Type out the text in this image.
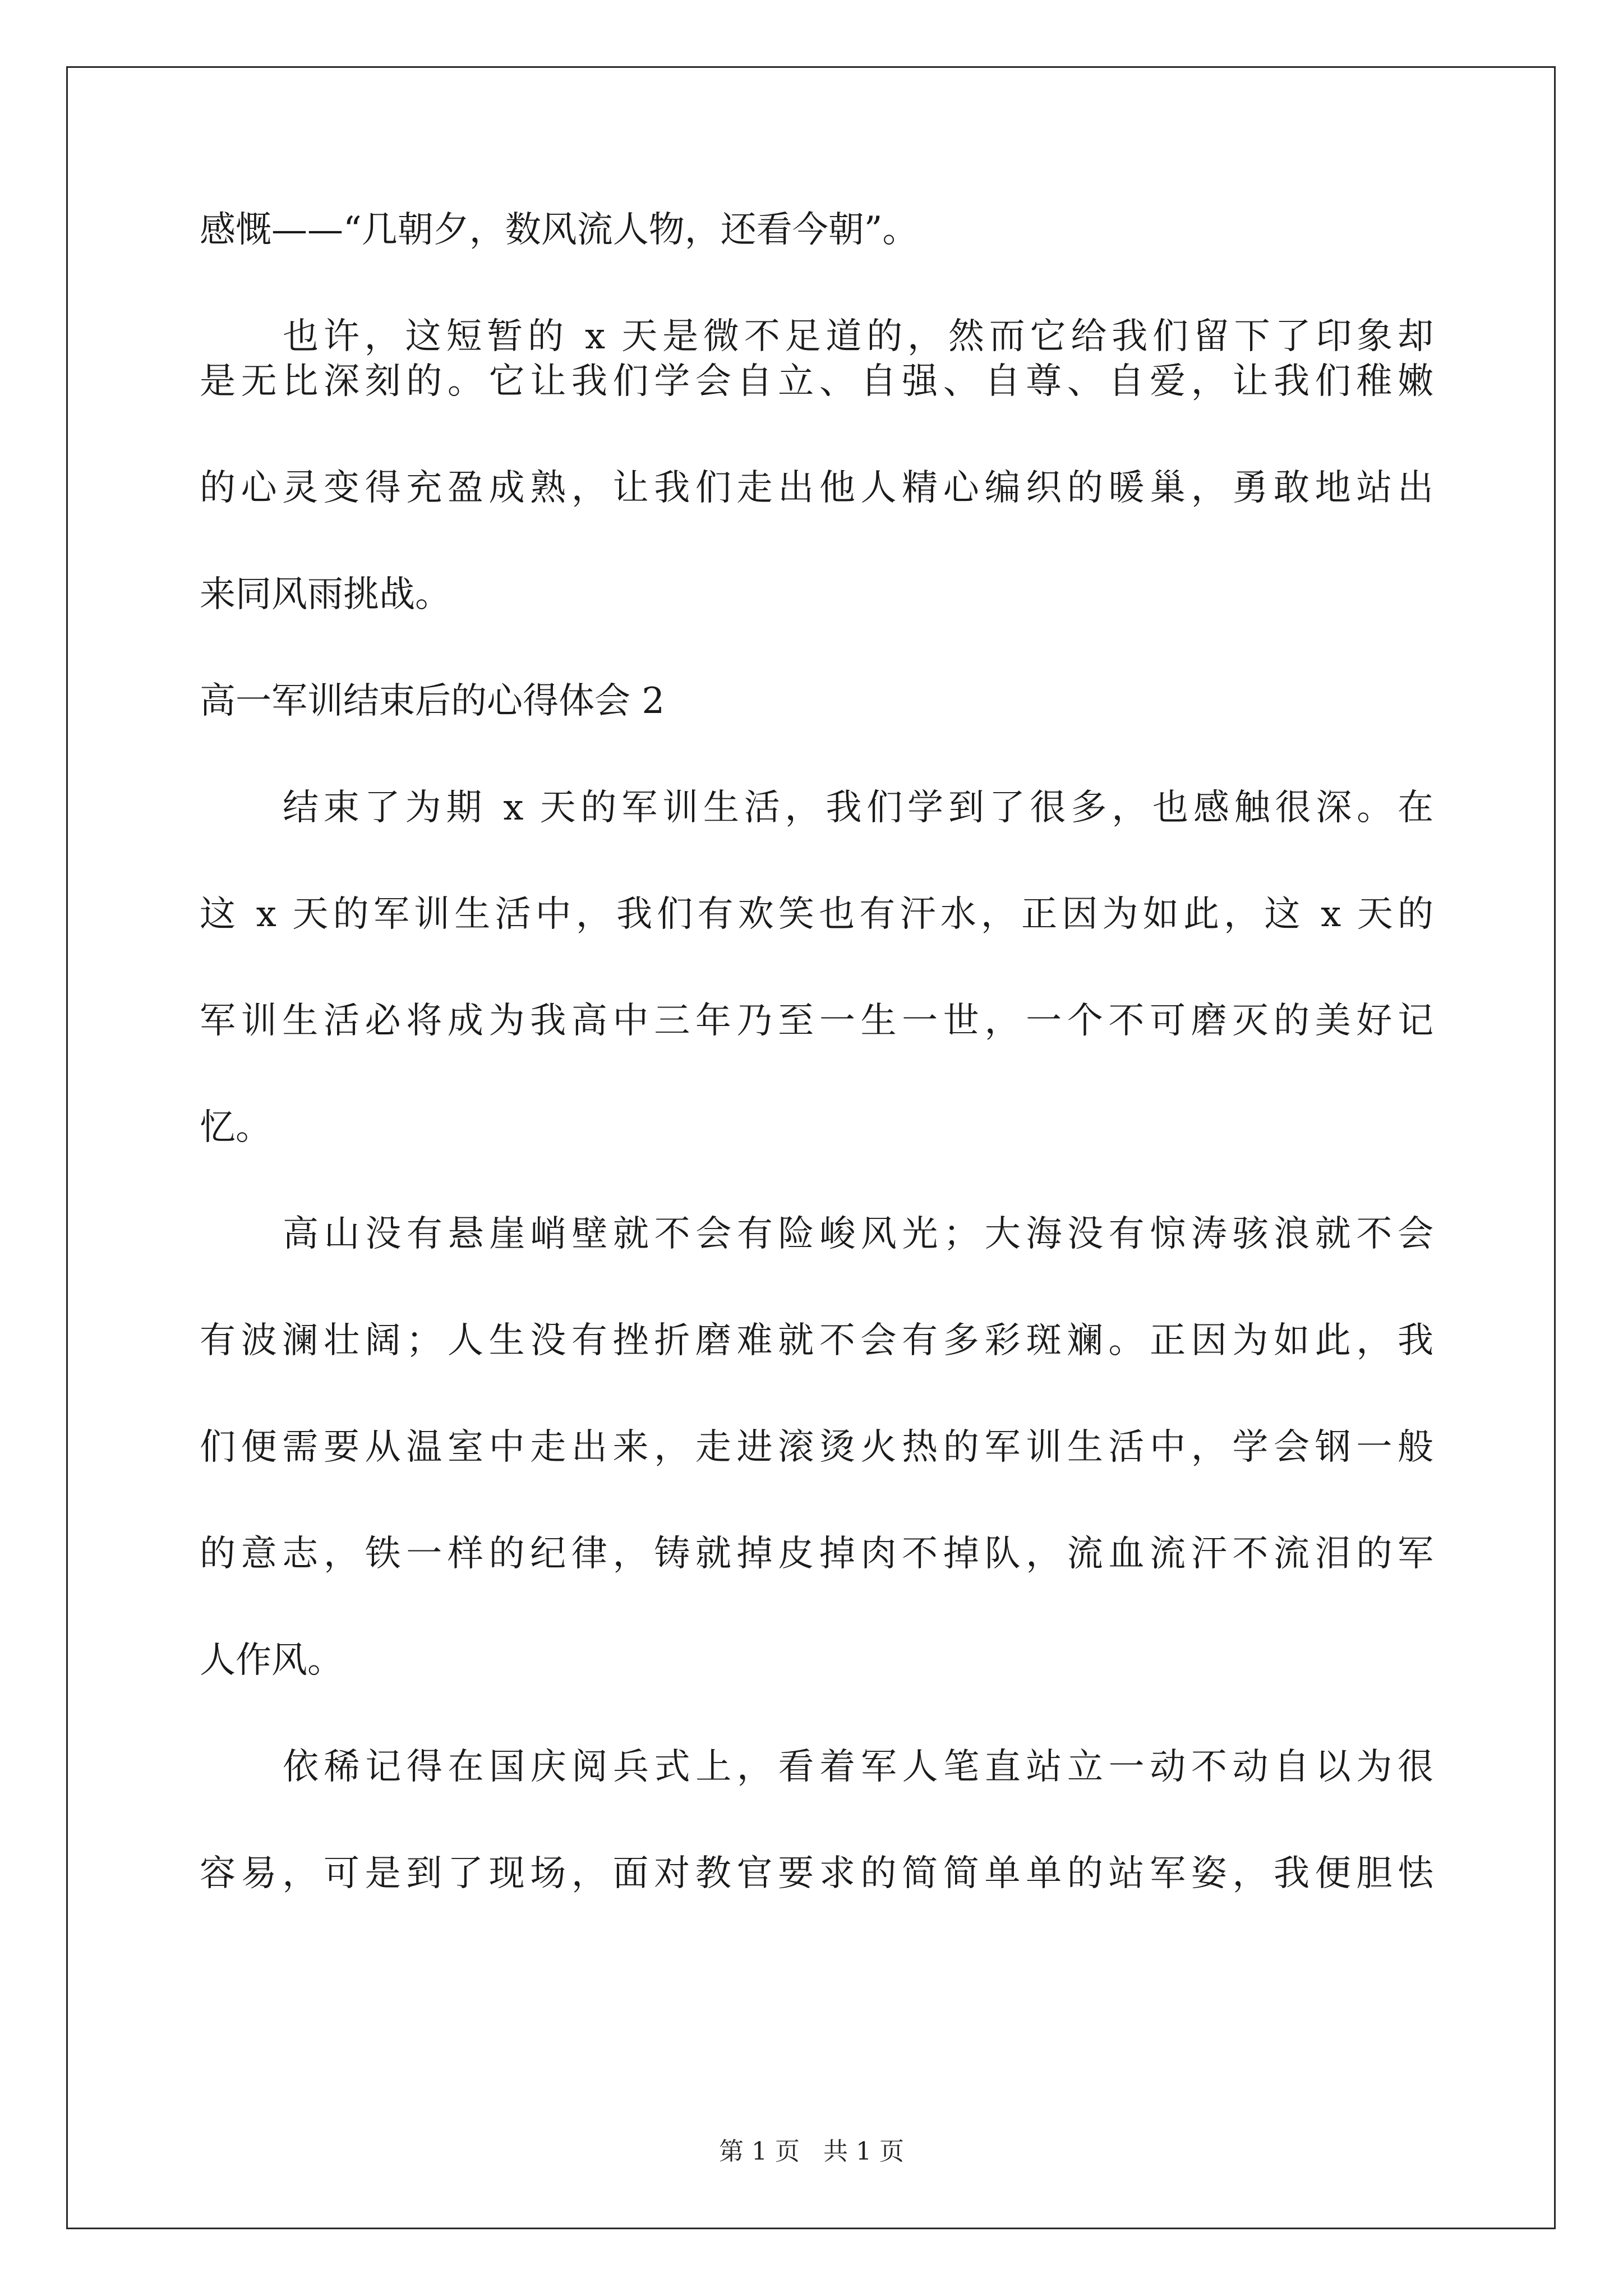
感慨——“几朝夕，数风流人物，还看今朝”。
也许，这短暂的 x 天是微不足道的，然而它给我们留下了印象却
是无比深刻的。它让我们学会自立、自强、自尊、自爱，让我们稚嫩
的心灵变得充盈成熟，让我们走出他人精心编织的暖巢，勇敢地站出
来同风雨挑战。
高一军训结束后的心得体会 2
结束了为期 x 天的军训生活，我们学到了很多，也感触很深。在
这 x 天的军训生活中，我们有欢笑也有汗水，正因为如此，这 x 天的
军训生活必将成为我高中三年乃至一生一世，一个不可磨灭的美好记
忆。
高山没有悬崖峭壁就不会有险峻风光；大海没有惊涛骇浪就不会
有波澜壮阔；人生没有挫折磨难就不会有多彩斑斓。正因为如此，我
们便需要从温室中走出来，走进滚烫火热的军训生活中，学会钢一般
的意志，铁一样的纪律，铸就掉皮掉肉不掉队，流血流汗不流泪的军
人作风。
依稀记得在国庆阅兵式上，看着军人笔直站立一动不动自以为很
容易，可是到了现场，面对教官要求的简简单单的站军姿，我便胆怯
第 1 页 共 1 页
